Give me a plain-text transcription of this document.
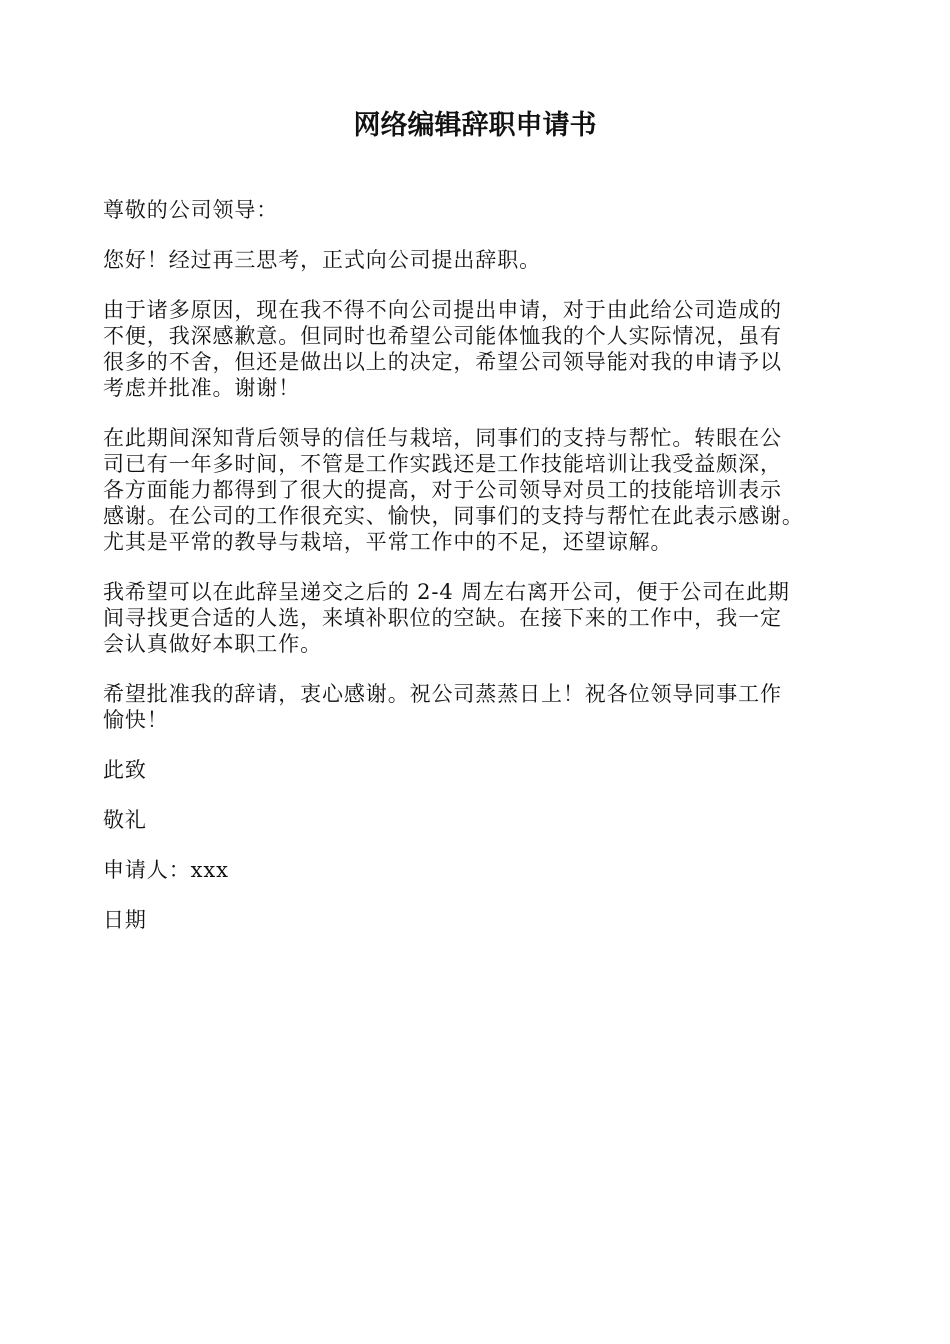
网络编辑辞职申请书

尊敬的公司领导：

您好！经过再三思考，正式向公司提出辞职。

由于诸多原因，现在我不得不向公司提出申请，对于由此给公司造成的
不便，我深感歉意。但同时也希望公司能体恤我的个人实际情况，虽有
很多的不舍，但还是做出以上的决定，希望公司领导能对我的申请予以
考虑并批准。谢谢！

在此期间深知背后领导的信任与栽培，同事们的支持与帮忙。转眼在公
司已有一年多时间，不管是工作实践还是工作技能培训让我受益颇深，
各方面能力都得到了很大的提高，对于公司领导对员工的技能培训表示
感谢。在公司的工作很充实、愉快，同事们的支持与帮忙在此表示感谢。
尤其是平常的教导与栽培，平常工作中的不足，还望谅解。

我希望可以在此辞呈递交之后的 2-4 周左右离开公司，便于公司在此期
间寻找更合适的人选，来填补职位的空缺。在接下来的工作中，我一定
会认真做好本职工作。

希望批准我的辞请，衷心感谢。祝公司蒸蒸日上！祝各位领导同事工作
愉快！

此致

敬礼

申请人：xxx

日期
